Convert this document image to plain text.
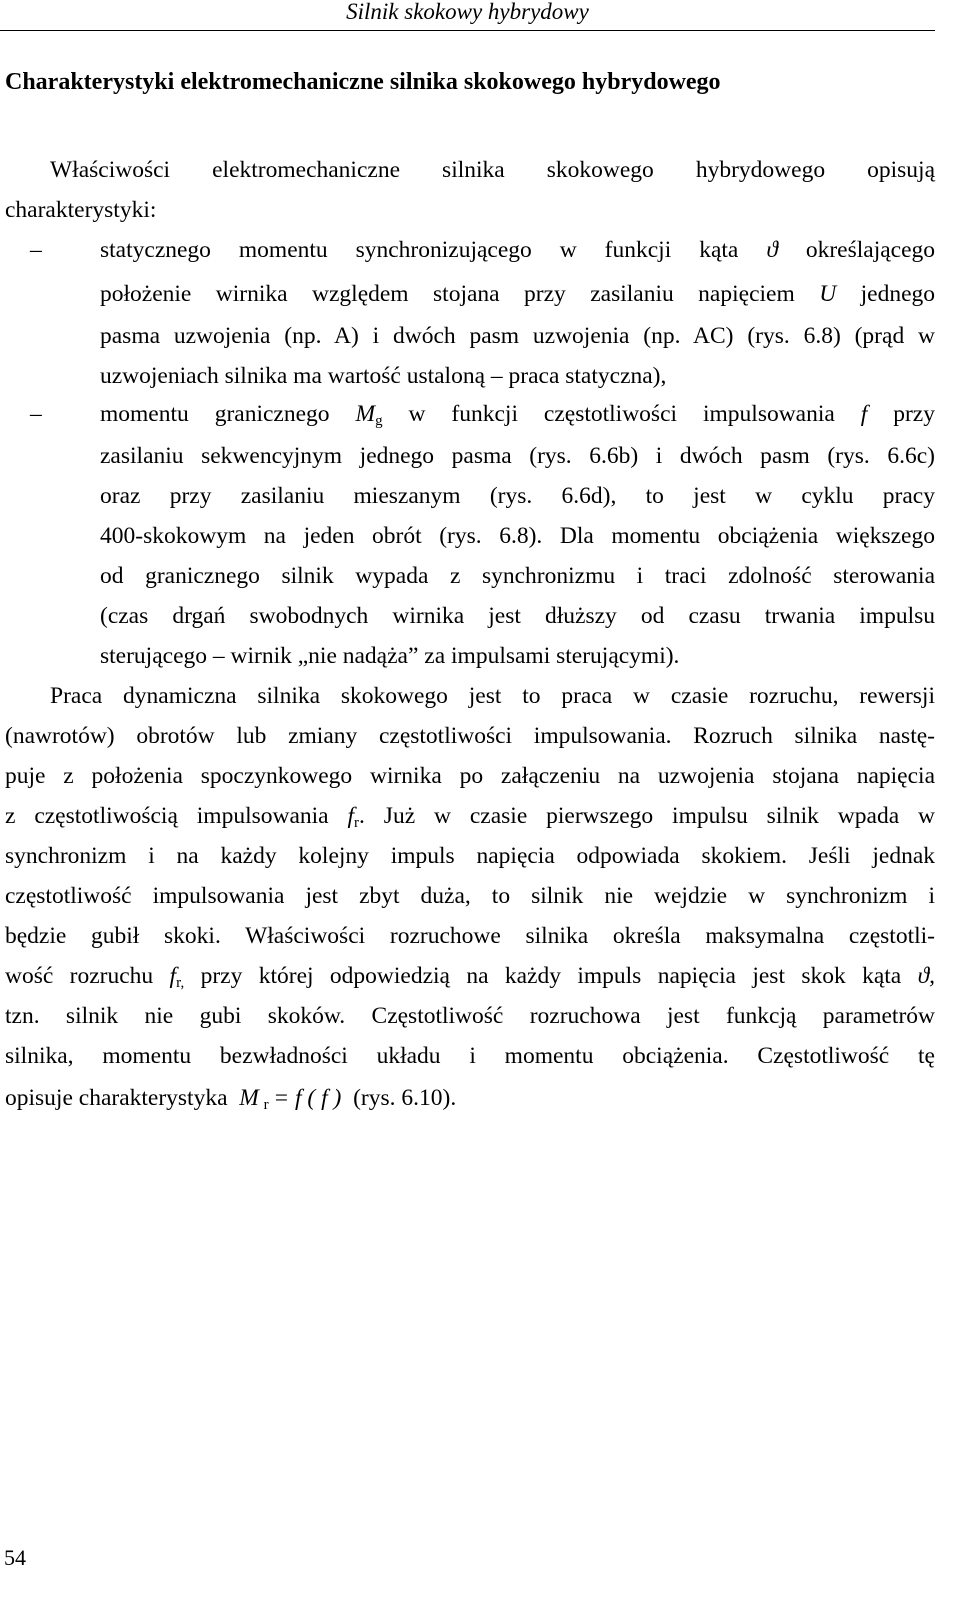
Silnik skokowy hybrydowy
Charakterystyki elektromechaniczne silnika skokowego hybrydowego
Właściwości elektromechaniczne silnika skokowego hybrydowego opisują
charakterystyki:
– statycznego momentu synchronizującego w funkcji kąta ϑ określającego
położenie wirnika względem stojana przy zasilaniu napięciem U jednego
pasma uzwojenia (np. A) i dwóch pasm uzwojenia (np. AC) (rys. 6.8) (prąd w
uzwojeniach silnika ma wartość ustaloną – praca statyczna),
– momentu granicznego $M_g$ w funkcji częstotliwości impulsowania f przy
zasilaniu sekwencyjnym jednego pasma (rys. 6.6b) i dwóch pasm (rys. 6.6c)
oraz przy zasilaniu mieszanym (rys. 6.6d), to jest w cyklu pracy
400-skokowym na jeden obrót (rys. 6.8). Dla momentu obciążenia większego
od granicznego silnik wypada z synchronizmu i traci zdolność sterowania
(czas drgań swobodnych wirnika jest dłuższy od czasu trwania impulsu
sterującego – wirnik „nie nadąża” za impulsami sterującymi).
Praca dynamiczna silnika skokowego jest to praca w czasie rozruchu, rewersji
(nawrotów) obrotów lub zmiany częstotliwości impulsowania. Rozruch silnika nastę-
puje z położenia spoczynkowego wirnika po załączeniu na uzwojenia stojana napięcia
z częstotliwością impulsowania $f_r$. Już w czasie pierwszego impulsu silnik wpada w
synchronizm i na każdy kolejny impuls napięcia odpowiada skokiem. Jeśli jednak
częstotliwość impulsowania jest zbyt duża, to silnik nie wejdzie w synchronizm i
będzie gubił skoki. Właściwości rozruchowe silnika określa maksymalna częstotli-
wość rozruchu $f_{r,}$ przy której odpowiedzią na każdy impuls napięcia jest skok kąta ϑ,
tzn. silnik nie gubi skoków. Częstotliwość rozruchowa jest funkcją parametrów
silnika, momentu bezwładności układu i momentu obciążenia. Częstotliwość tę
opisuje charakterystyka M  $_r$  = f ( f ) (rys. 6.10).
54
